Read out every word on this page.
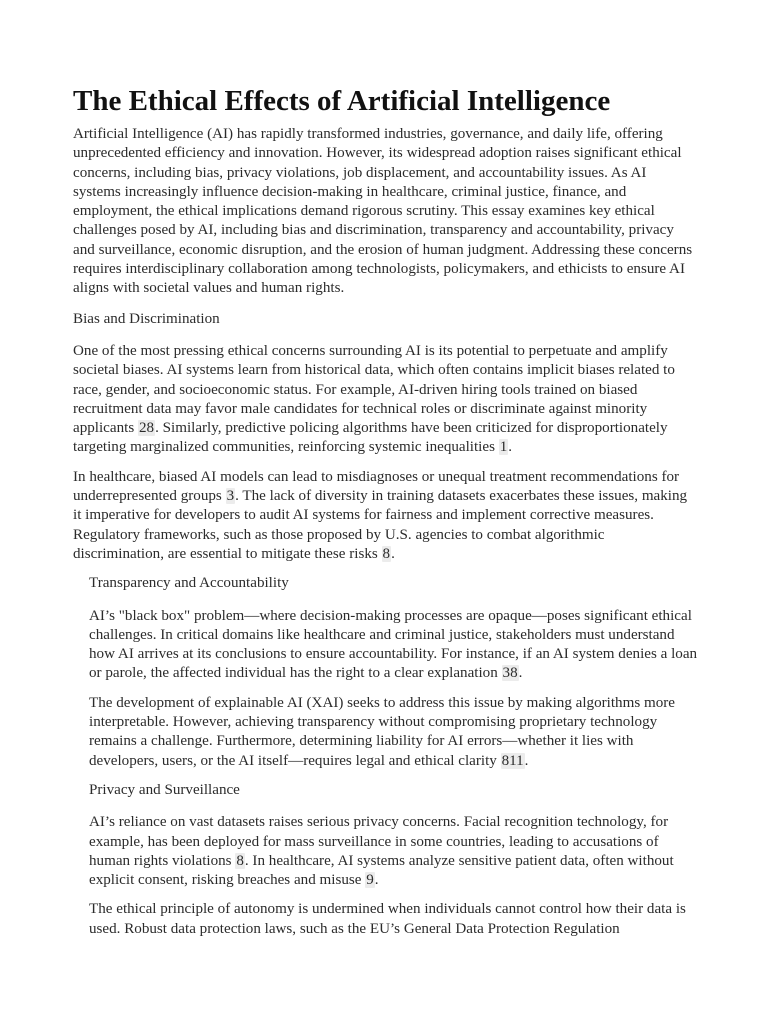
The Ethical Effects of Artificial Intelligence

Artificial Intelligence (AI) has rapidly transformed industries, governance, and daily life, offering unprecedented efficiency and innovation. However, its widespread adoption raises significant ethical concerns, including bias, privacy violations, job displacement, and accountability issues. As AI systems increasingly influence decision-making in healthcare, criminal justice, finance, and employment, the ethical implications demand rigorous scrutiny. This essay examines key ethical challenges posed by AI, including bias and discrimination, transparency and accountability, privacy and surveillance, economic disruption, and the erosion of human judgment. Addressing these concerns requires interdisciplinary collaboration among technologists, policymakers, and ethicists to ensure AI aligns with societal values and human rights.

Bias and Discrimination

One of the most pressing ethical concerns surrounding AI is its potential to perpetuate and amplify societal biases. AI systems learn from historical data, which often contains implicit biases related to race, gender, and socioeconomic status. For example, AI-driven hiring tools trained on biased recruitment data may favor male candidates for technical roles or discriminate against minority applicants 28. Similarly, predictive policing algorithms have been criticized for disproportionately targeting marginalized communities, reinforcing systemic inequalities 1.

In healthcare, biased AI models can lead to misdiagnoses or unequal treatment recommendations for underrepresented groups 3. The lack of diversity in training datasets exacerbates these issues, making it imperative for developers to audit AI systems for fairness and implement corrective measures. Regulatory frameworks, such as those proposed by U.S. agencies to combat algorithmic discrimination, are essential to mitigate these risks 8.

Transparency and Accountability

AI’s "black box" problem—where decision-making processes are opaque—poses significant ethical challenges. In critical domains like healthcare and criminal justice, stakeholders must understand how AI arrives at its conclusions to ensure accountability. For instance, if an AI system denies a loan or parole, the affected individual has the right to a clear explanation 38.

The development of explainable AI (XAI) seeks to address this issue by making algorithms more interpretable. However, achieving transparency without compromising proprietary technology remains a challenge. Furthermore, determining liability for AI errors—whether it lies with developers, users, or the AI itself—requires legal and ethical clarity 811.

Privacy and Surveillance

AI’s reliance on vast datasets raises serious privacy concerns. Facial recognition technology, for example, has been deployed for mass surveillance in some countries, leading to accusations of human rights violations 8. In healthcare, AI systems analyze sensitive patient data, often without explicit consent, risking breaches and misuse 9.

The ethical principle of autonomy is undermined when individuals cannot control how their data is used. Robust data protection laws, such as the EU’s General Data Protection Regulation
